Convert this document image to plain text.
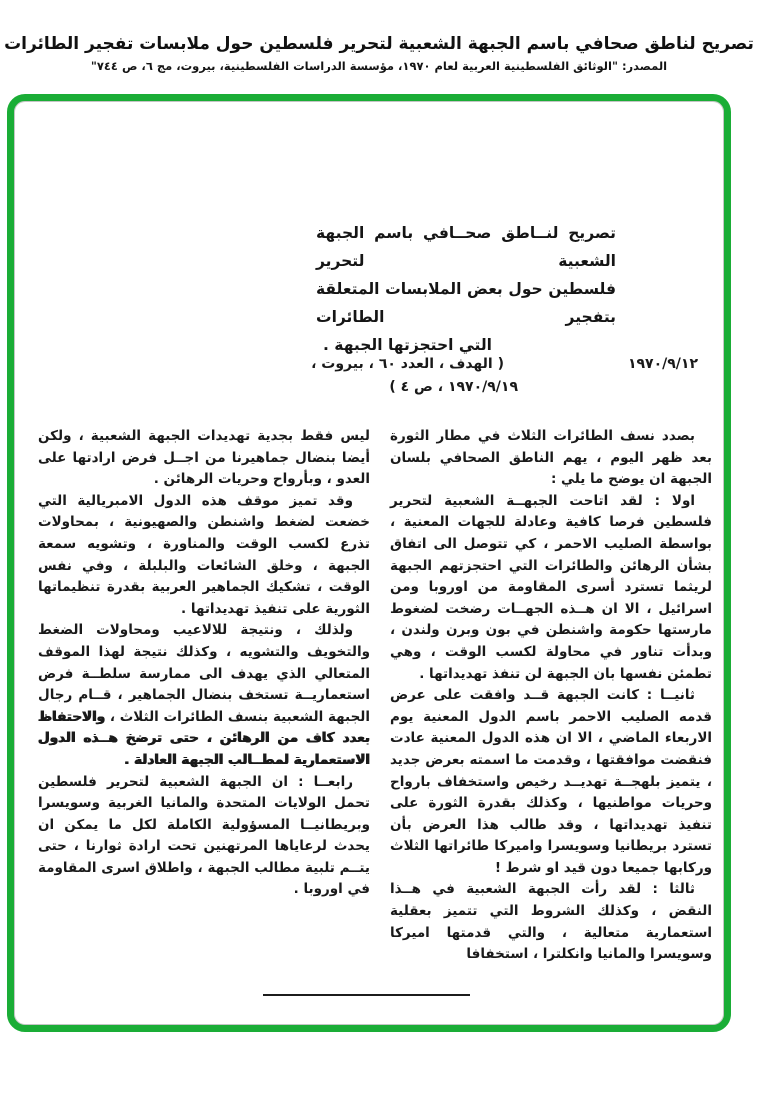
تصريح لناطق صحافي باسم الجبهة الشعبية لتحرير فلسطين حول ملابسات تفجير الطائرات
المصدر: "الوثائق الفلسطينية العربية لعام ١٩٧٠، مؤسسة الدراسات الفلسطينية، بيروت، مج ٦، ص ٧٤٤"
تصريح لنــاطق صحــافي باسم الجبهة الشعبية لتحرير
فلسطين حول بعض الملابسات المتعلقة بتفجير الطائرات
التي احتجزتها الجبهة .
١٩٧٠/٩/١٢
( الهدف ، العدد ٦٠ ، بيروت ،
١٩٧٠/٩/١٩ ، ص ٤ )

بصدد نسف الطائرات الثلاث في مطار الثورة بعد ظهر اليوم ، يهم الناطق الصحافي بلسان الجبهة ان يوضح ما يلي :

اولا : لقد اتاحت الجبهــة الشعبية لتحرير فلسطين فرصا كافية وعادلة للجهات المعنية ، بواسطة الصليب الاحمر ، كي تتوصل الى اتفاق بشأن الرهائن والطائرات التي احتجزتهم الجبهة لريثما تسترد أسرى المقاومة من اوروبا ومن اسرائيل ، الا ان هــذه الجهــات رضخت لضغوط مارستها حكومة واشنطن في بون وبرن ولندن ، وبدأت تناور في محاولة لكسب الوقت ، وهي تطمئن نفسها بان الجبهة لن تنفذ تهديداتها .

ثانيــا : كانت الجبهة قــد وافقت على عرض قدمه الصليب الاحمر باسم الدول المعنية يوم الاربعاء الماضي ، الا ان هذه الدول المعنية عادت فنقضت موافقتها ، وقدمت ما اسمته بعرض جديد ، يتميز بلهجــة تهديــد رخيص واستخفاف بارواح وحريات مواطنيها ، وكذلك بقدرة الثورة على تنفيذ تهديداتها ، وقد طالب هذا العرض بأن تسترد بريطانيا وسويسرا واميركا طائراتها الثلاث وركابها جميعا دون قيد او شرط !

ثالثا : لقد رأت الجبهة الشعبية في هــذا النقض ، وكذلك الشروط التي تتميز بعقلية استعمارية متعالية ، والتي قدمتها اميركا وسويسرا والمانيا وانكلترا ، استخفافا

ليس فقط بجدية تهديدات الجبهة الشعبية ، ولكن أيضا بنضال جماهيرنا من اجــل فرض ارادتها على العدو ، وبأرواح وحريات الرهائن .

وقد تميز موقف هذه الدول الامبريالية التي خضعت لضغط واشنطن والصهيونية ، بمحاولات تذرع لكسب الوقت والمناورة ، وتشويه سمعة الجبهة ، وخلق الشائعات والبلبلة ، وفي نفس الوقت ، تشكيك الجماهير العربية بقدرة تنظيماتها الثورية على تنفيذ تهديداتها .

ولذلك ، ونتيجة للالاعيب ومحاولات الضغط والتخويف والتشويه ، وكذلك نتيجة لهذا الموقف المتعالي الذي يهدف الى ممارسة سلطــة فرض استعماريــة تستخف بنضال الجماهير ، قــام رجال الجبهة الشعبية بنسف الطائرات الثلاث ، والاحتفاظ بعدد كاف من الرهائن ، حتى ترضخ هــذه الدول الاستعمارية لمطــالب الجبهة العادلة .

رابعــا : ان الجبهة الشعبية لتحرير فلسطين تحمل الولايات المتحدة والمانيا الغربية وسويسرا وبريطانيــا المسؤولية الكاملة لكل ما يمكن ان يحدث لرعاياها المرتهنين تحت ارادة ثوارنا ، حتى يتــم تلبية مطالب الجبهة ، واطلاق اسرى المقاومة في اوروبا .
